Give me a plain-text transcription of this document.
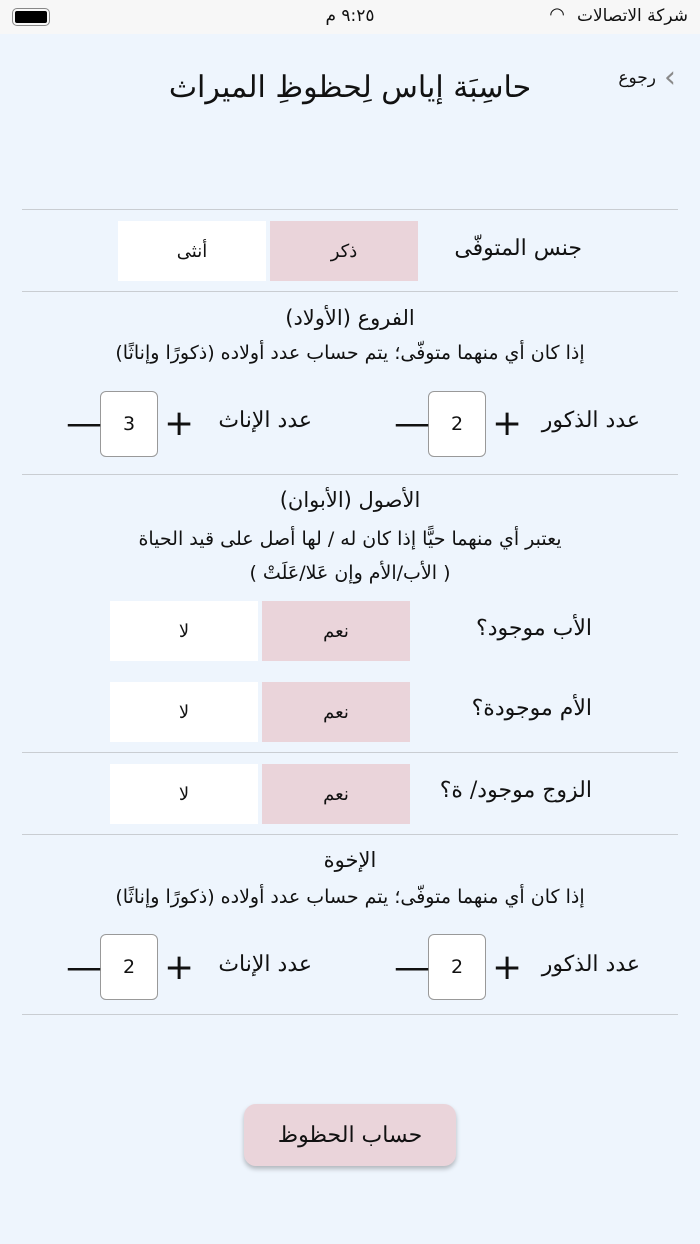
شركة الاتصالات
◠
٩:٢٥ م
›
رجوع
حاسِبَة إياس لِحظوظِ الميراث
جنس المتوفّى
ذكر
أنثى
الفروع (الأولاد)
إذا كان أي منهما متوفّى؛ يتم حساب عدد أولاده (ذكورًا وإناثًا)
عدد الذكور
+
2
—
عدد الإناث
+
3
—
الأصول (الأبوان)
يعتبر أي منهما حيًّا إذا كان له / لها أصل على قيد الحياة
( الأب/الأم وإن عَلا/عَلَتْ )
الأب موجود؟
نعم
لا
الأم موجودة؟
نعم
لا
الزوج موجود/ ة؟
نعم
لا
الإخوة
إذا كان أي منهما متوفّى؛ يتم حساب عدد أولاده (ذكورًا وإناثًا)
عدد الذكور
+
2
—
عدد الإناث
+
2
—
حساب الحظوظ
